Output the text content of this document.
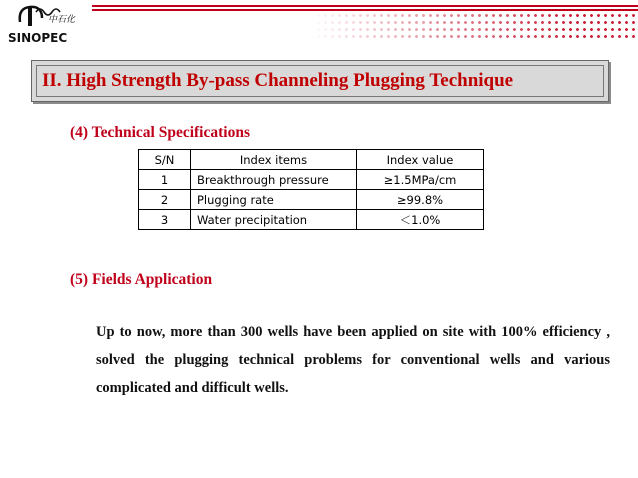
中石化
SINOPEC
II. High Strength By-pass Channeling Plugging Technique
(4) Technical Specifications
S/N	Index items	Index value
1	Breakthrough pressure	≥1.5MPa/cm
2	Plugging rate	≥99.8%
3	Water precipitation	＜1.0%
(5) Fields Application
Up to now, more than 300 wells have been applied on site with 100% efficiency , solved the plugging technical problems for conventional wells and various complicated and difficult wells.
